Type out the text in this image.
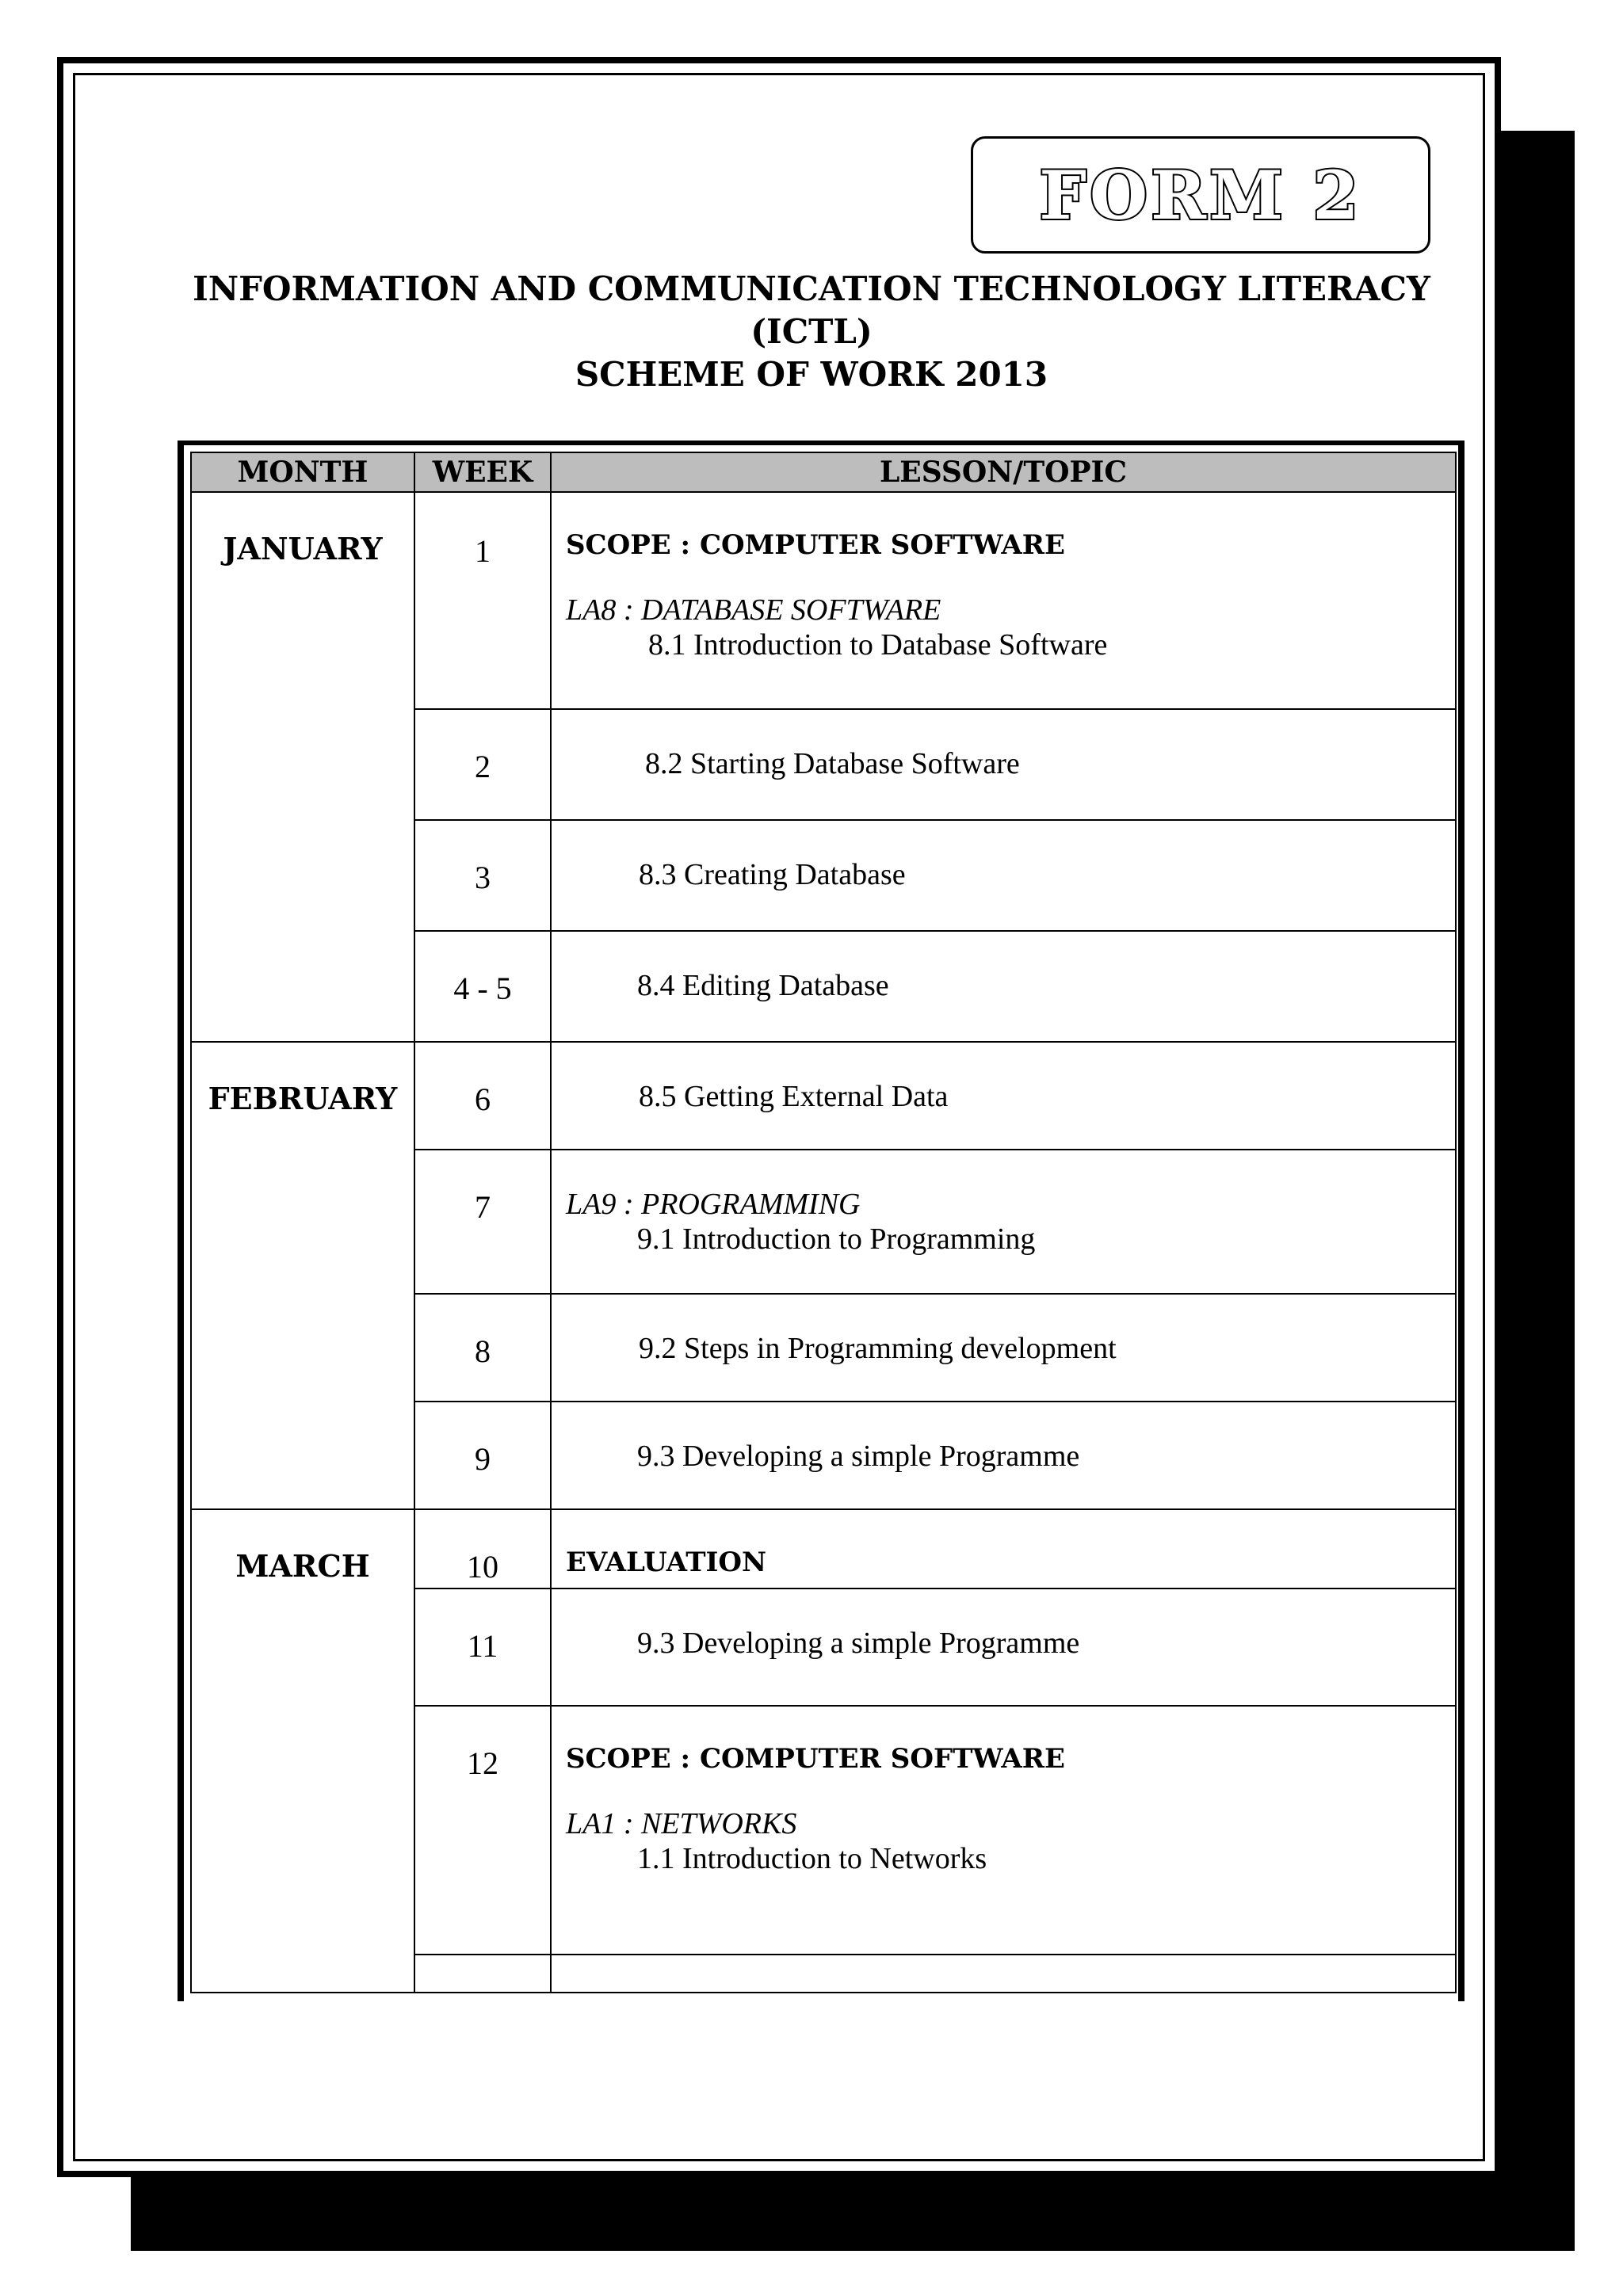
FORM 2
INFORMATION AND COMMUNICATION TECHNOLOGY LITERACY
(ICTL)
SCHEME OF WORK 2013
MONTH	WEEK	LESSON/TOPIC
JANUARY	1	SCOPE : COMPUTER SOFTWARE
LA8 : DATABASE SOFTWARE
8.1 Introduction to Database Software

	2	8.2 Starting Database Software

	3	8.3 Creating Database

	4 - 5	8.4 Editing Database

FEBRUARY	6	8.5 Getting External Data

	7	LA9 : PROGRAMMING
9.1 Introduction to Programming

	8	9.2 Steps in Programming development

	9	9.3 Developing a simple Programme

MARCH	10	EVALUATION

	11	9.3 Developing a simple Programme

	12	SCOPE : COMPUTER SOFTWARE
LA1 : NETWORKS
1.1 Introduction to Networks
